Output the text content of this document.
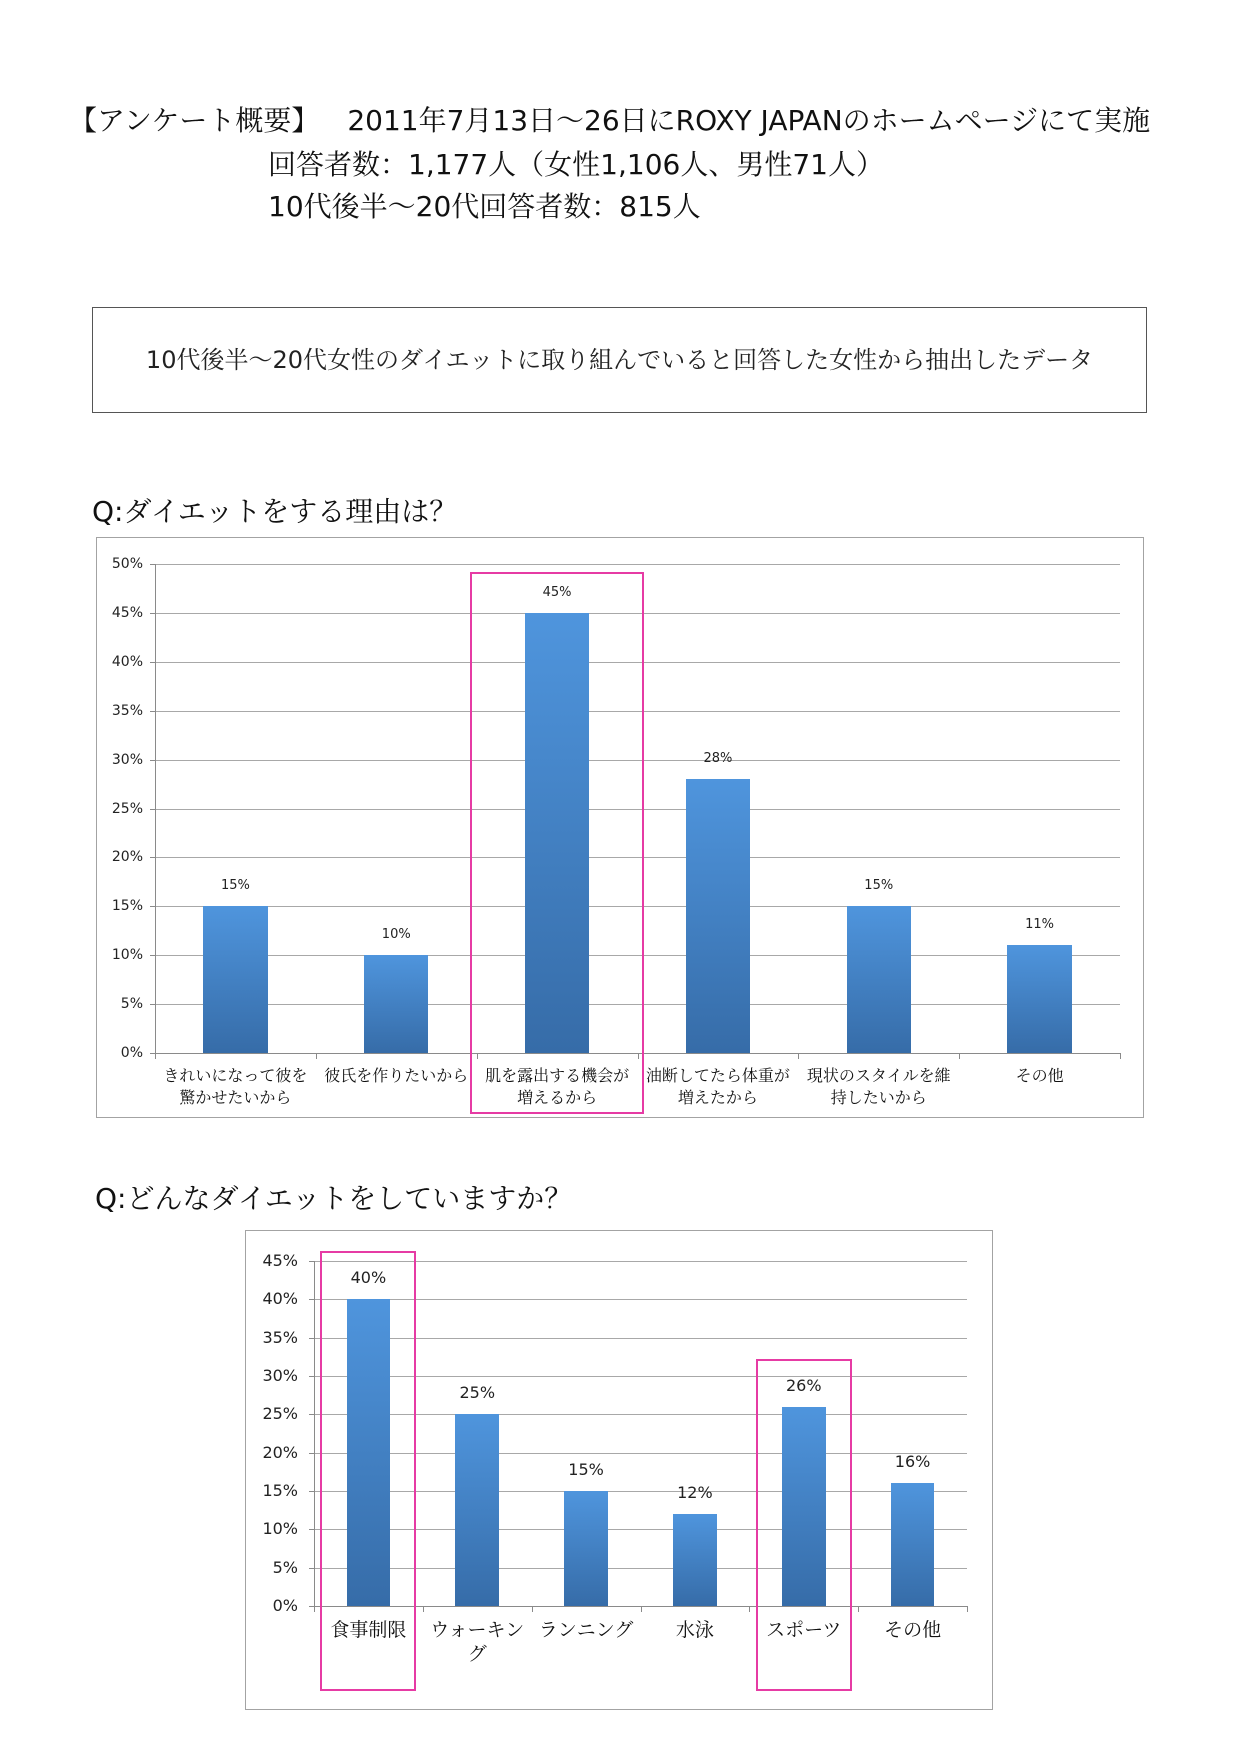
【アンケート概要】 2011年7月13日〜26日にROXY JAPANのホームページにて実施
回答者数：1,177人（女性1,106人、男性71人）
10代後半〜20代回答者数：815人
10代後半〜20代女性のダイエットに取り組んでいると回答した女性から抽出したデータ
Q:ダイエットをする理由は？
0%
5%
10%
15%
20%
25%
30%
35%
40%
45%
50%
15%
きれいになって彼を驚かせたいから
10%
彼氏を作りたいから
45%
肌を露出する機会が増えるから
28%
油断してたら体重が増えたから
15%
現状のスタイルを維持したいから
11%
その他
Q:どんなダイエットをしていますか？
0%
5%
10%
15%
20%
25%
30%
35%
40%
45%
40%
食事制限
25%
ウォーキング
15%
ランニング
12%
水泳
26%
スポーツ
16%
その他
